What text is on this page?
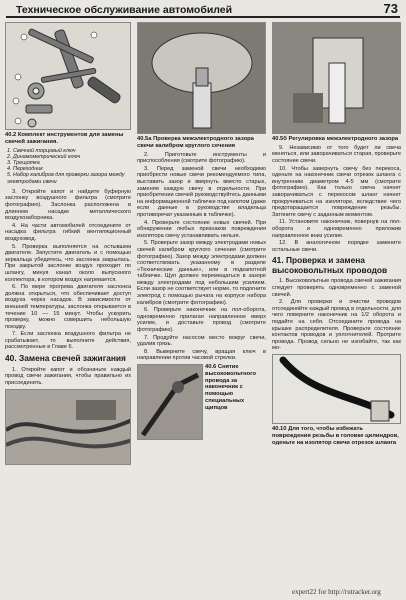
Техническое обслуживание автомобилей	73
40.2 Комплект инструментов для замены свечей зажигания.
1. Свечной торцовый ключ
2. Динамометрический ключ
3. Трещотка
4. Переходник
5. Набор калибров для проверки зазора между электродами свечи

3. Откройте капот и найдите буферную заслонку воздушного фильтра (смотрите фотографию). Заслонка расположена в длинном насадке металлического воздухозаборника.

4. На части автомобилей отсоедините от насадка фильтра гибкий вентиляционный воздуховод.

5. Проверка выполняется на остывшем двигателе. Запустите двигатель и с помощью зеркальца убедитесь, что заслонка закрылась. При закрытой заслонке воздух проходит по шлангу, минуя канал около выпускного коллектора, в котором воздух нагревается.

6. По мере прогрева двигателя заслонка должна открыться, что обеспечивает доступ воздуха через насадок. В зависимости от внешней температуры, заслонка открывается в течение 10 — 15 минут. Чтобы ускорить проверку, можно совершить небольшую поездку.

7. Если заслонка воздушного фильтра не срабатывает, то выполните действия, рассмотренные в Главе 6.

40. Замена свечей зажигания

1. Откройте капот и обозначьте каждый провод свечи зажигания, чтобы правильно их присоединить.

40.5а Проверка межэлектродного зазора свечи калибром круглого сечения

2. Приготовьте инструменты и приспособления (смотрите фотографию).

3. Перед заменой свечи необходимо приобрести новые свечи рекомендуемого типа, выставить зазор и ввернуть вместо старых, заменяя каждую свечу в отдельности. При приобретении свечей руководствуйтесь данными на информационной табличке под капотом (даже если данные в руководстве владельца противоречат указанным в табличке).

4. Проверьте состояние новых свечей. При обнаружении любых признаков повреждения изолятора свечу устанавливать нельзя.

5. Проверьте зазор между электродами новых свечей калибром круглого сечения (смотрите фотографию). Зазор между электродами должен соответствовать указанному в разделе «Технические данные», или в подкапотной табличке. Щуп должен перемещаться в зазоре между электродами под небольшим усилием. Если зазор не соответствует норме, то подогните электрод с помощью рычага на корпусе набора калибров (смотрите фотографию).

6. Проверьте наконечник на пол-оборота, одновременно прилагая направленное вверх усилие, и доставьте провод (смотрите фотографию).

7. Продуйте насосом место вокруг свечи, удалив грязь.

8. Выверните свечу, вращая ключ в направлении против часовой стрелки.

40.6 Снятие высоковольтного провода за наконечник с помощью специальных щипцов
40.5б Регулировка межэлектродного зазора

9. Независимо от того будет ли свеча меняться, или заворачиваться старая, проверьте состояние свечи.

10. Чтобы завернуть свечу без перекоса, оденьте на наконечник свечи отрезок шланга с внутренним диаметром 4-5 мм (смотрите фотографию). Как только свеча начнет заворачиваться с перекосом шланг начнет прокручиваться на изоляторе, вследствие чего предотвращается повреждение резьбы. Затяните свечу с заданным моментом.

11. Установите наконечник, повернув на пол-оборота и одновременно приложив направленное вниз усилие.

12. В аналогичном порядке замените остальные свечи.

41. Проверка и замена высоковольтных проводов

1. Высоковольтные провода свечей зажигания следует проверять одновременно с заменой свечей.

2. Для проверки и очистки проводов отсоединяйте каждый провод в отдельности, для чего поверните наконечник на 1/2 оборота и подайте на себя. Отсоедините провода на крышке распределителя. Проверьте состояние контактов проводов и уплотнителей. Протрите провода. Провод сильно не изгибайте, так как мо-

40.10 Для того, чтобы избежать повреждения резьбы в головке цилиндров, оденьте на изолятор свечи отрезок шланга
expert22 for http://rutracker.org
